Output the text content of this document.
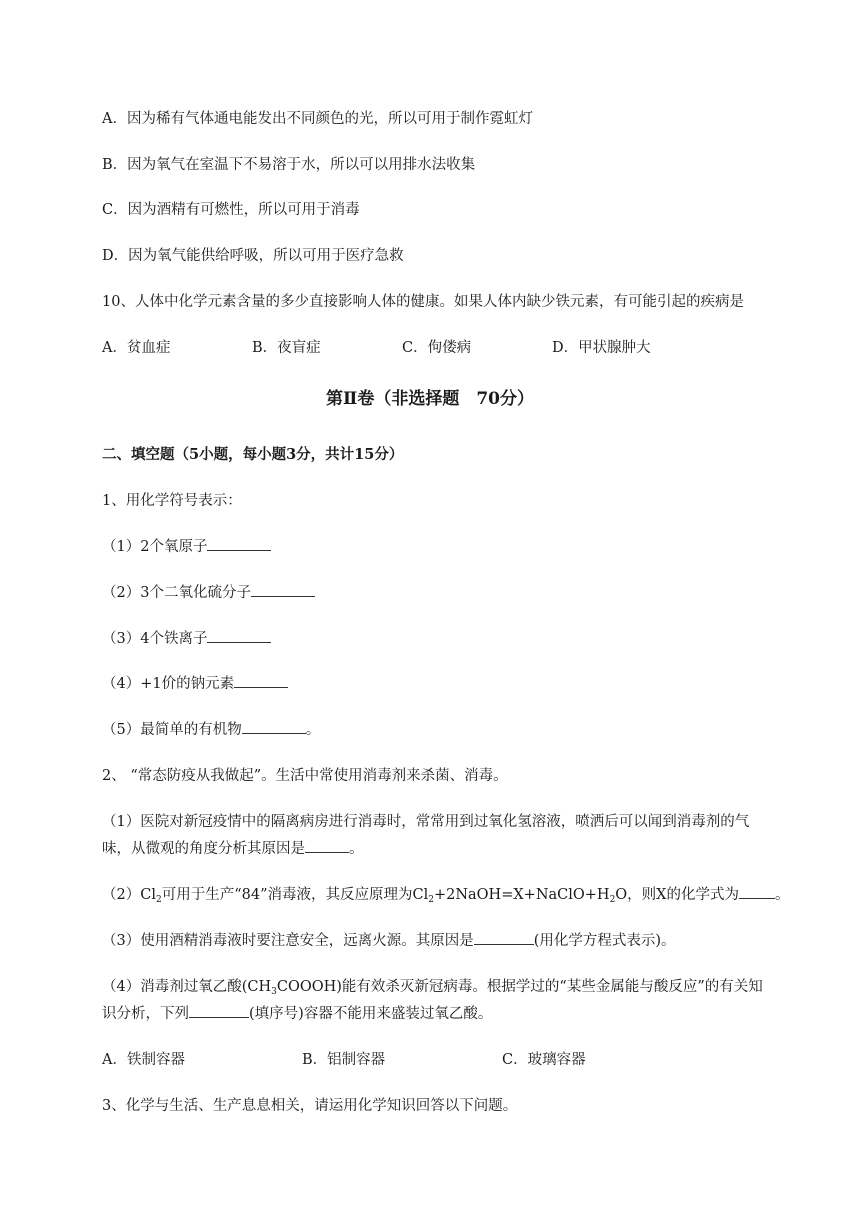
A．因为稀有气体通电能发出不同颜色的光，所以可用于制作霓虹灯
B．因为氧气在室温下不易溶于水，所以可以用排水法收集
C．因为酒精有可燃性，所以可用于消毒
D．因为氧气能供给呼吸，所以可用于医疗急救
10、人体中化学元素含量的多少直接影响人体的健康。如果人体内缺少铁元素，有可能引起的疾病是
A．贫血症	B．夜盲症	C．佝偻病	D．甲状腺肿大
第Ⅱ卷（非选择题　70分）
二、填空题（5小题，每小题3分，共计15分）
1、用化学符号表示：
（1）2个氧原子
（2）3个二氧化硫分子
（3）4个铁离子
（4）+1价的钠元素
（5）最简单的有机物	。
2、 “常态防疫从我做起”。生活中常使用消毒剂来杀菌、消毒。
（1）医院对新冠疫情中的隔离病房进行消毒时，常常用到过氧化氢溶液，喷洒后可以闻到消毒剂的气
味，从微观的角度分析其原因是	。
$(2)Cl_2$可用于生产“84”消毒液，其反应原理为$Cl_2+2NaOH=X+NaClO+H_2O$，则X的化学式为 。
（3）使用酒精消毒液时要注意安全，远离火源。其原因是	(用化学方程式表示)。
（4）消毒剂过氧乙酸$(CH_3COOOH)$能有效杀灭新冠病毒。根据学过的“某些金属能与酸反应”的有关知
识分析，下列	(填序号)容器不能用来盛装过氧乙酸。
A．铁制容器	B．铝制容器	C．玻璃容器
3、化学与生活、生产息息相关，请运用化学知识回答以下问题。
